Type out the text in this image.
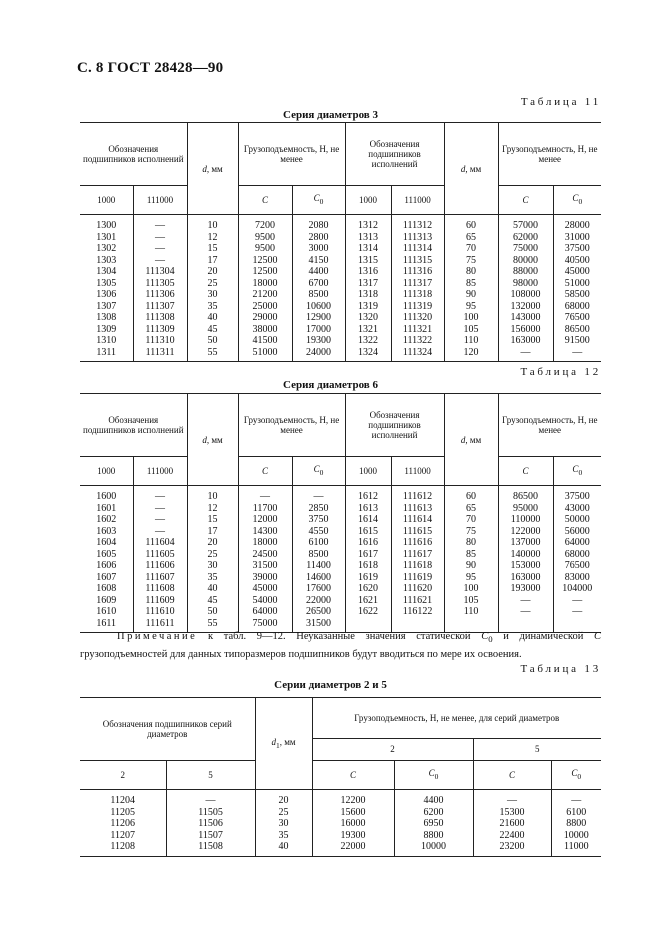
С. 8 ГОСТ 28428—90
Таблица 11
Серия диаметров 3
Обозначения подшипников исполнений		d, мм	Грузоподъемность, Н, не менее		Обозначения подшипников исполнений		d, мм	Грузоподъемность, Н, не менее	
1000	111000		C	$C_0$	1000	111000		C	$C_0$
1300	—	10	7200	2080	1312	111312	60	57000	28000
1301	—	12	9500	2800	1313	111313	65	62000	31000
1302	—	15	9500	3000	1314	111314	70	75000	37500
1303	—	17	12500	4150	1315	111315	75	80000	40500
1304	111304	20	12500	4400	1316	111316	80	88000	45000
1305	111305	25	18000	6700	1317	111317	85	98000	51000
1306	111306	30	21200	8500	1318	111318	90	108000	58500
1307	111307	35	25000	10600	1319	111319	95	132000	68000
1308	111308	40	29000	12900	1320	111320	100	143000	76500
1309	111309	45	38000	17000	1321	111321	105	156000	86500
1310	111310	50	41500	19300	1322	111322	110	163000	91500
1311	111311	55	51000	24000	1324	111324	120	—	—
Таблица 12
Серия диаметров 6
Обозначения подшипников исполнений		d, мм	Грузоподъемность, Н, не менее		Обозначения подшипников исполнений		d, мм	Грузоподъемность, Н, не менее	
1000	111000		C	$C_0$	1000	111000		C	$C_0$
1600	—	10	—	—	1612	111612	60	86500	37500
1601	—	12	11700	2850	1613	111613	65	95000	43000
1602	—	15	12000	3750	1614	111614	70	110000	50000
1603	—	17	14300	4550	1615	111615	75	122000	56000
1604	111604	20	18000	6100	1616	111616	80	137000	64000
1605	111605	25	24500	8500	1617	111617	85	140000	68000
1606	111606	30	31500	11400	1618	111618	90	153000	76500
1607	111607	35	39000	14600	1619	111619	95	163000	83000
1608	111608	40	45000	17600	1620	111620	100	193000	104000
1609	111609	45	54000	22000	1621	111621	105	—	—
1610	111610	50	64000	26500	1622	116122	110	—	—
1611	111611	55	75000	31500					
Примечание к табл. 9—12. Неуказанные значения статической $C_0$ и динамической C грузоподъемностей для данных типоразмеров подшипников будут вводиться по мере их освоения.
Таблица 13
Серии диаметров 2 и 5
Обозначения подшипников серий диаметров		$d_1$, мм	Грузоподъемность, Н, не менее, для серий диаметров			
			2		5	
2	5		C	$C_0$	C	$C_0$
11204	—	20	12200	4400	—	—
11205	11505	25	15600	6200	15300	6100
11206	11506	30	16000	6950	21600	8800
11207	11507	35	19300	8800	22400	10000
11208	11508	40	22000	10000	23200	11000
